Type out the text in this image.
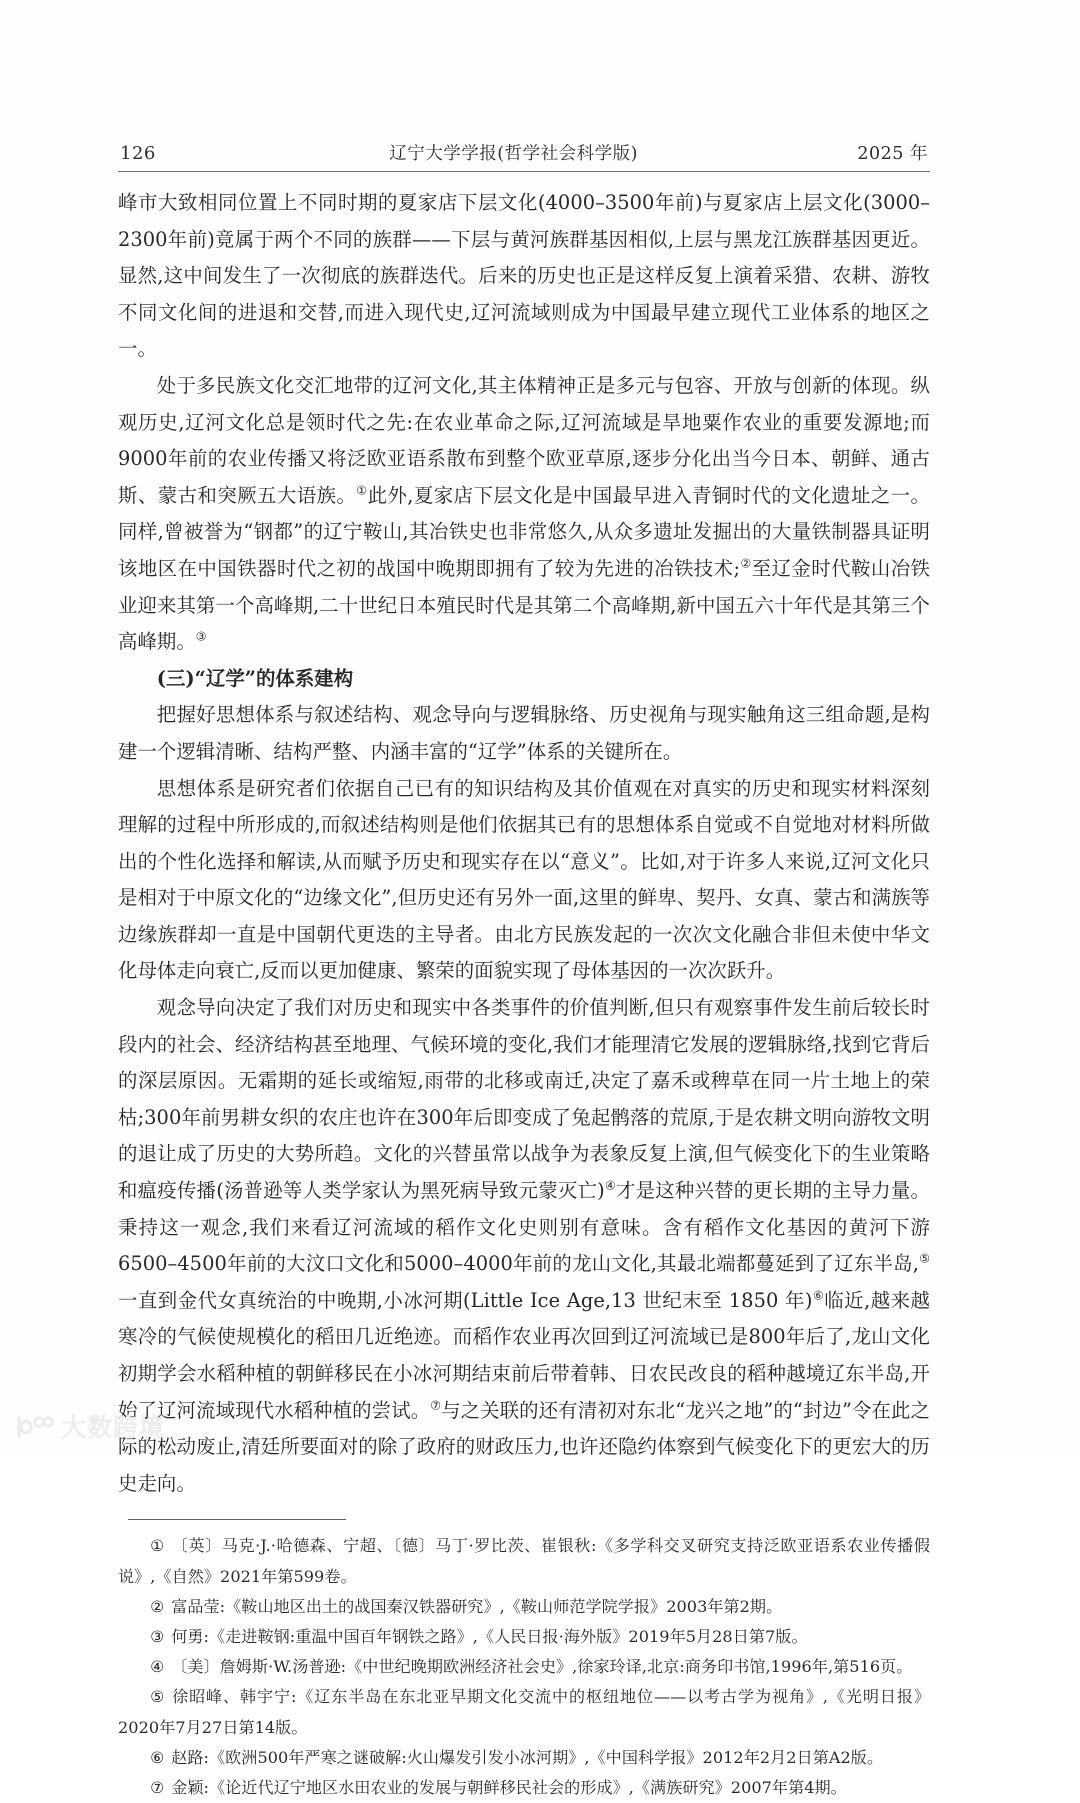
126	辽宁大学学报(哲学社会科学版)	2025 年

峰市大致相同位置上不同时期的夏家店下层文化(4000–3500年前)与夏家店上层文化(3000–2300年前)竟属于两个不同的族群——下层与黄河族群基因相似,上层与黑龙江族群基因更近。显然,这中间发生了一次彻底的族群迭代。后来的历史也正是这样反复上演着采猎、农耕、游牧不同文化间的进退和交替,而进入现代史,辽河流域则成为中国最早建立现代工业体系的地区之一。

处于多民族文化交汇地带的辽河文化,其主体精神正是多元与包容、开放与创新的体现。纵观历史,辽河文化总是领时代之先:在农业革命之际,辽河流域是旱地粟作农业的重要发源地;而9000年前的农业传播又将泛欧亚语系散布到整个欧亚草原,逐步分化出当今日本、朝鲜、通古斯、蒙古和突厥五大语族。①此外,夏家店下层文化是中国最早进入青铜时代的文化遗址之一。同样,曾被誉为“钢都”的辽宁鞍山,其冶铁史也非常悠久,从众多遗址发掘出的大量铁制器具证明该地区在中国铁器时代之初的战国中晚期即拥有了较为先进的冶铁技术;②至辽金时代鞍山冶铁业迎来其第一个高峰期,二十世纪日本殖民时代是其第二个高峰期,新中国五六十年代是其第三个高峰期。③

(三)“辽学”的体系建构

把握好思想体系与叙述结构、观念导向与逻辑脉络、历史视角与现实触角这三组命题,是构建一个逻辑清晰、结构严整、内涵丰富的“辽学”体系的关键所在。

思想体系是研究者们依据自己已有的知识结构及其价值观在对真实的历史和现实材料深刻理解的过程中所形成的,而叙述结构则是他们依据其已有的思想体系自觉或不自觉地对材料所做出的个性化选择和解读,从而赋予历史和现实存在以“意义”。比如,对于许多人来说,辽河文化只是相对于中原文化的“边缘文化”,但历史还有另外一面,这里的鲜卑、契丹、女真、蒙古和满族等边缘族群却一直是中国朝代更迭的主导者。由北方民族发起的一次次文化融合非但未使中华文化母体走向衰亡,反而以更加健康、繁荣的面貌实现了母体基因的一次次跃升。

观念导向决定了我们对历史和现实中各类事件的价值判断,但只有观察事件发生前后较长时段内的社会、经济结构甚至地理、气候环境的变化,我们才能理清它发展的逻辑脉络,找到它背后的深层原因。无霜期的延长或缩短,雨带的北移或南迁,决定了嘉禾或稗草在同一片土地上的荣枯;300年前男耕女织的农庄也许在300年后即变成了兔起鹘落的荒原,于是农耕文明向游牧文明的退让成了历史的大势所趋。文化的兴替虽常以战争为表象反复上演,但气候变化下的生业策略和瘟疫传播(汤普逊等人类学家认为黑死病导致元蒙灭亡)④才是这种兴替的更长期的主导力量。秉持这一观念,我们来看辽河流域的稻作文化史则别有意味。含有稻作文化基因的黄河下游6500–4500年前的大汶口文化和5000–4000年前的龙山文化,其最北端都蔓延到了辽东半岛,⑤一直到金代女真统治的中晚期,小冰河期(Little Ice Age,13 世纪末至 1850 年)⑥临近,越来越寒冷的气候使规模化的稻田几近绝迹。而稻作农业再次回到辽河流域已是800年后了,龙山文化初期学会水稻种植的朝鲜移民在小冰河期结束前后带着韩、日农民改良的稻种越境辽东半岛,开始了辽河流域现代水稻种植的尝试。⑦与之关联的还有清初对东北“龙兴之地”的“封边”令在此之际的松动废止,清廷所要面对的除了政府的财政压力,也许还隐约体察到气候变化下的更宏大的历史走向。

① 〔英〕马克·J.·哈德森、宁超、〔德〕马丁·罗比茨、崔银秋:《多学科交叉研究支持泛欧亚语系农业传播假说》,《自然》2021年第599卷。

② 富品莹:《鞍山地区出土的战国秦汉铁器研究》,《鞍山师范学院学报》2003年第2期。

③ 何勇:《走进鞍钢:重温中国百年钢铁之路》,《人民日报·海外版》2019年5月28日第7版。

④ 〔美〕詹姆斯·W.汤普逊:《中世纪晚期欧洲经济社会史》,徐家玲译,北京:商务印书馆,1996年,第516页。

⑤ 徐昭峰、韩宇宁:《辽东半岛在东北亚早期文化交流中的枢纽地位——以考古学为视角》,《光明日报》2020年7月27日第14版。

⑥ 赵路:《欧洲500年严寒之谜破解:火山爆发引发小冰河期》,《中国科学报》2012年2月2日第A2版。

⑦ 金颖:《论近代辽宁地区水田农业的发展与朝鲜移民社会的形成》,《满族研究》2007年第4期。

大数跨境
